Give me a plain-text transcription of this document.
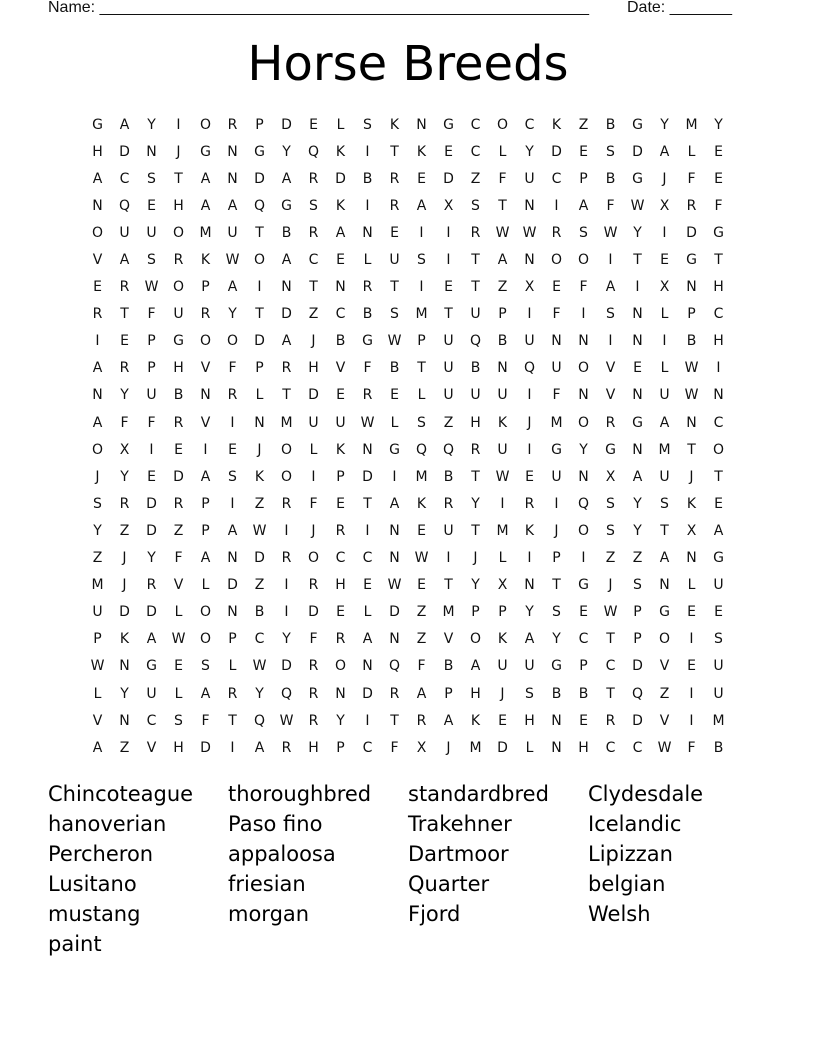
Name: _______________________________________________________ Date: _______
Horse Breeds
G	A	Y	I	O	R	P	D	E	L	S	K	N	G	C	O	C	K	Z	B	G	Y	M	Y
H	D	N	J	G	N	G	Y	Q	K	I	T	K	E	C	L	Y	D	E	S	D	A	L	E
A	C	S	T	A	N	D	A	R	D	B	R	E	D	Z	F	U	C	P	B	G	J	F	E
N	Q	E	H	A	A	Q	G	S	K	I	R	A	X	S	T	N	I	A	F	W	X	R	F
O	U	U	O	M	U	T	B	R	A	N	E	I	I	R	W W	R	S	W	Y	I	D	G
V	A	S	R	K	W	O	A	C	E	L	U	S	I	T	A	N	O	O	I	T	E	G	T
E	R	W	O	P	A	I	N	T	N	R	T	I	E	T	Z	X	E	F	A	I	X	N	H
R	T	F	U	R	Y	T	D	Z	C	B	S	M	T	U	P	I	F	I	S	N	L	P	C
I	E	P	G	O	O	D	A	J	B	G	W	P	U	Q	B	U	N	N	I	N	I	B	H
A	R	P	H	V	F	P	R	H	V	F	B	T	U	B	N	Q	U	O	V	E	L	W	I
N	Y	U	B	N	R	L	T	D	E	R	E	L	U	U	U	I	F	N	V	N	U	W	N
A	F	F	R	V	I	N	M	U	U	W	L	S	Z	H	K	J	M	O	R	G	A	N	C
O	X	I	E	I	E	J	O	L	K	N	G	Q	Q	R	U	I	G	Y	G	N	M	T	O
J	Y	E	D	A	S	K	O	I	P	D	I	M	B	T	W	E	U	N	X	A	U	J	T
S	R	D	R	P	I	Z	R	F	E	T	A	K	R	Y	I	R	I	Q	S	Y	S	K	E
Y	Z	D	Z	P	A	W	I	J	R	I	N	E	U	T	M	K	J	O	S	Y	T	X	A
Z	J	Y	F	A	N	D	R	O	C	C	N	W	I	J	L	I	P	I	Z	Z	A	N	G
M	J	R	V	L	D	Z	I	R	H	E	W	E	T	Y	X	N	T	G	J	S	N	L	U
U	D	D	L	O	N	B	I	D	E	L	D	Z	M	P	P	Y	S	E	W	P	G	E	E
P	K	A	W	O	P	C	Y	F	R	A	N	Z	V	O	K	A	Y	C	T	P	O	I	S
W	N	G	E	S	L	W	D	R	O	N	Q	F	B	A	U	U	G	P	C	D	V	E	U
L	Y	U	L	A	R	Y	Q	R	N	D	R	A	P	H	J	S	B	B	T	Q	Z	I	U
V	N	C	S	F	T	Q	W	R	Y	I	T	R	A	K	E	H	N	E	R	D	V	I	M
A	Z	V	H	D	I	A	R	H	P	C	F	X	J	M	D	L	N	H	C	C	W	F	B
Chincoteague	thoroughbred	standardbred	Clydesdale
hanoverian	Paso fino	Trakehner	Icelandic
Percheron	appaloosa	Dartmoor	Lipizzan
Lusitano	friesian	Quarter	belgian
mustang	morgan	Fjord	Welsh
paint
